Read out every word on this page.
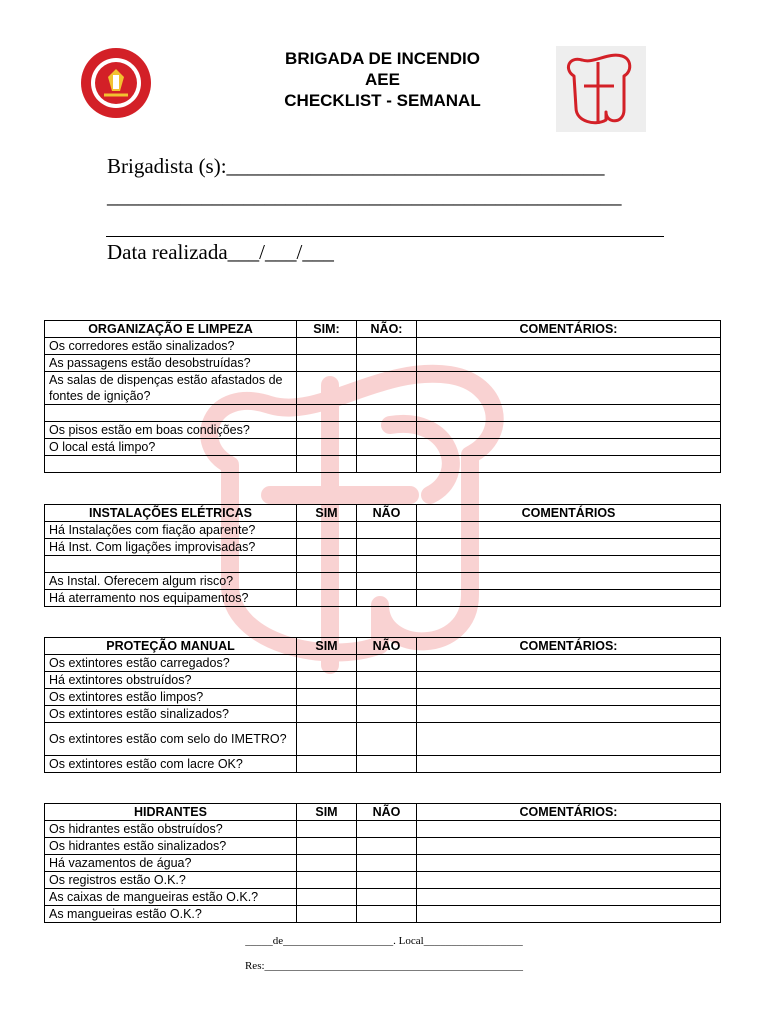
BRIGADA DE INCENDIO
AEE
CHECKLIST - SEMANAL
Brigadista (s):____________________________________
_________________________________________________
Data realizada___/___/___
ORGANIZAÇÃO E LIMPEZA	SIM:	NÃO:	COMENTÁRIOS:
Os corredores estão sinalizados?			
As passagens estão desobstruídas?			
As salas de dispenças estão afastados de fontes de ignição?			

Os pisos estão em boas condições?			
O local está limpo?			

INSTALAÇÕES ELÉTRICAS	SIM	NÃO	COMENTÁRIOS
Há Instalações com fiação aparente?			
Há Inst. Com ligações improvisadas?			

As Instal. Oferecem algum risco?			
Há aterramento nos equipamentos?			
PROTEÇÃO MANUAL	SIM	NÃO	COMENTÁRIOS:
Os extintores estão carregados?			
Há extintores obstruídos?			
Os extintores estão limpos?			
Os extintores estão sinalizados?			
Os extintores estão com selo do IMETRO?			
Os extintores estão com lacre OK?			
HIDRANTES	SIM	NÃO	COMENTÁRIOS:
Os hidrantes estão obstruídos?			
Os hidrantes estão sinalizados?			
Há vazamentos de água?			
Os registros estão O.K.?			
As caixas de mangueiras estão O.K.?			
As mangueiras estão O.K.?			
_____de____________________. Local__________________
Res:_______________________________________________
